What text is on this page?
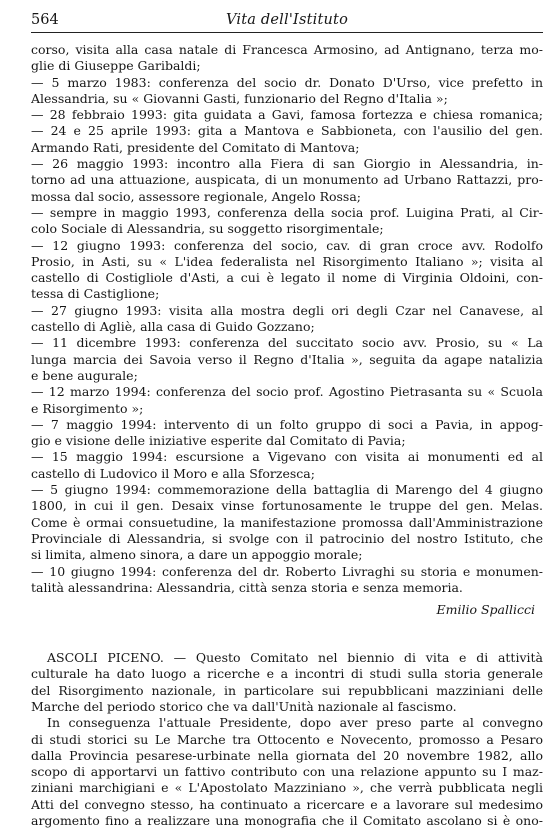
564	Vita dell'Istituto
corso, visita alla casa natale di Francesca Armosino, ad Antignano, terza mo-
glie di Giuseppe Garibaldi;
— 5 marzo 1983: conferenza del socio dr. Donato D'Urso, vice prefetto in
Alessandria, su « Giovanni Gasti, funzionario del Regno d'Italia »;
— 28 febbraio 1993: gita guidata a Gavi, famosa fortezza e chiesa romanica;
— 24 e 25 aprile 1993: gita a Mantova e Sabbioneta, con l'ausilio del gen.
Armando Rati, presidente del Comitato di Mantova;
— 26 maggio 1993: incontro alla Fiera di san Giorgio in Alessandria, in-
torno ad una attuazione, auspicata, di un monumento ad Urbano Rattazzi, pro-
mossa dal socio, assessore regionale, Angelo Rossa;
— sempre in maggio 1993, conferenza della socia prof. Luigina Prati, al Cir-
colo Sociale di Alessandria, su soggetto risorgimentale;
— 12 giugno 1993: conferenza del socio, cav. di gran croce avv. Rodolfo
Prosio, in Asti, su « L'idea federalista nel Risorgimento Italiano »; visita al
castello di Costigliole d'Asti, a cui è legato il nome di Virginia Oldoini, con-
tessa di Castiglione;
— 27 giugno 1993: visita alla mostra degli ori degli Czar nel Canavese, al
castello di Agliè, alla casa di Guido Gozzano;
— 11 dicembre 1993: conferenza del succitato socio avv. Prosio, su « La
lunga marcia dei Savoia verso il Regno d'Italia », seguita da agape natalizia
e bene augurale;
— 12 marzo 1994: conferenza del socio prof. Agostino Pietrasanta su « Scuola
e Risorgimento »;
— 7 maggio 1994: intervento di un folto gruppo di soci a Pavia, in appog-
gio e visione delle iniziative esperite dal Comitato di Pavia;
— 15 maggio 1994: escursione a Vigevano con visita ai monumenti ed al
castello di Ludovico il Moro e alla Sforzesca;
— 5 giugno 1994: commemorazione della battaglia di Marengo del 4 giugno
1800, in cui il gen. Desaix vinse fortunosamente le truppe del gen. Melas.
Come è ormai consuetudine, la manifestazione promossa dall'Amministrazione
Provinciale di Alessandria, si svolge con il patrocinio del nostro Istituto, che
si limita, almeno sinora, a dare un appoggio morale;
— 10 giugno 1994: conferenza del dr. Roberto Livraghi su storia e monumen-
talità alessandrina: Alessandria, città senza storia e senza memoria.
Emilio Spallicci
ASCOLI PICENO. — Questo Comitato nel biennio di vita e di attività
culturale ha dato luogo a ricerche e a incontri di studi sulla storia generale
del Risorgimento nazionale, in particolare sui repubblicani mazziniani delle
Marche del periodo storico che va dall'Unità nazionale al fascismo.
In conseguenza l'attuale Presidente, dopo aver preso parte al convegno
di studi storici su Le Marche tra Ottocento e Novecento, promosso a Pesaro
dalla Provincia pesarese-urbinate nella giornata del 20 novembre 1982, allo
scopo di apportarvi un fattivo contributo con una relazione appunto su I maz-
ziniani marchigiani e « L'Apostolato Mazziniano », che verrà pubblicata negli
Atti del convegno stesso, ha continuato a ricercare e a lavorare sul medesimo
argomento fino a realizzare una monografia che il Comitato ascolano si è ono-
